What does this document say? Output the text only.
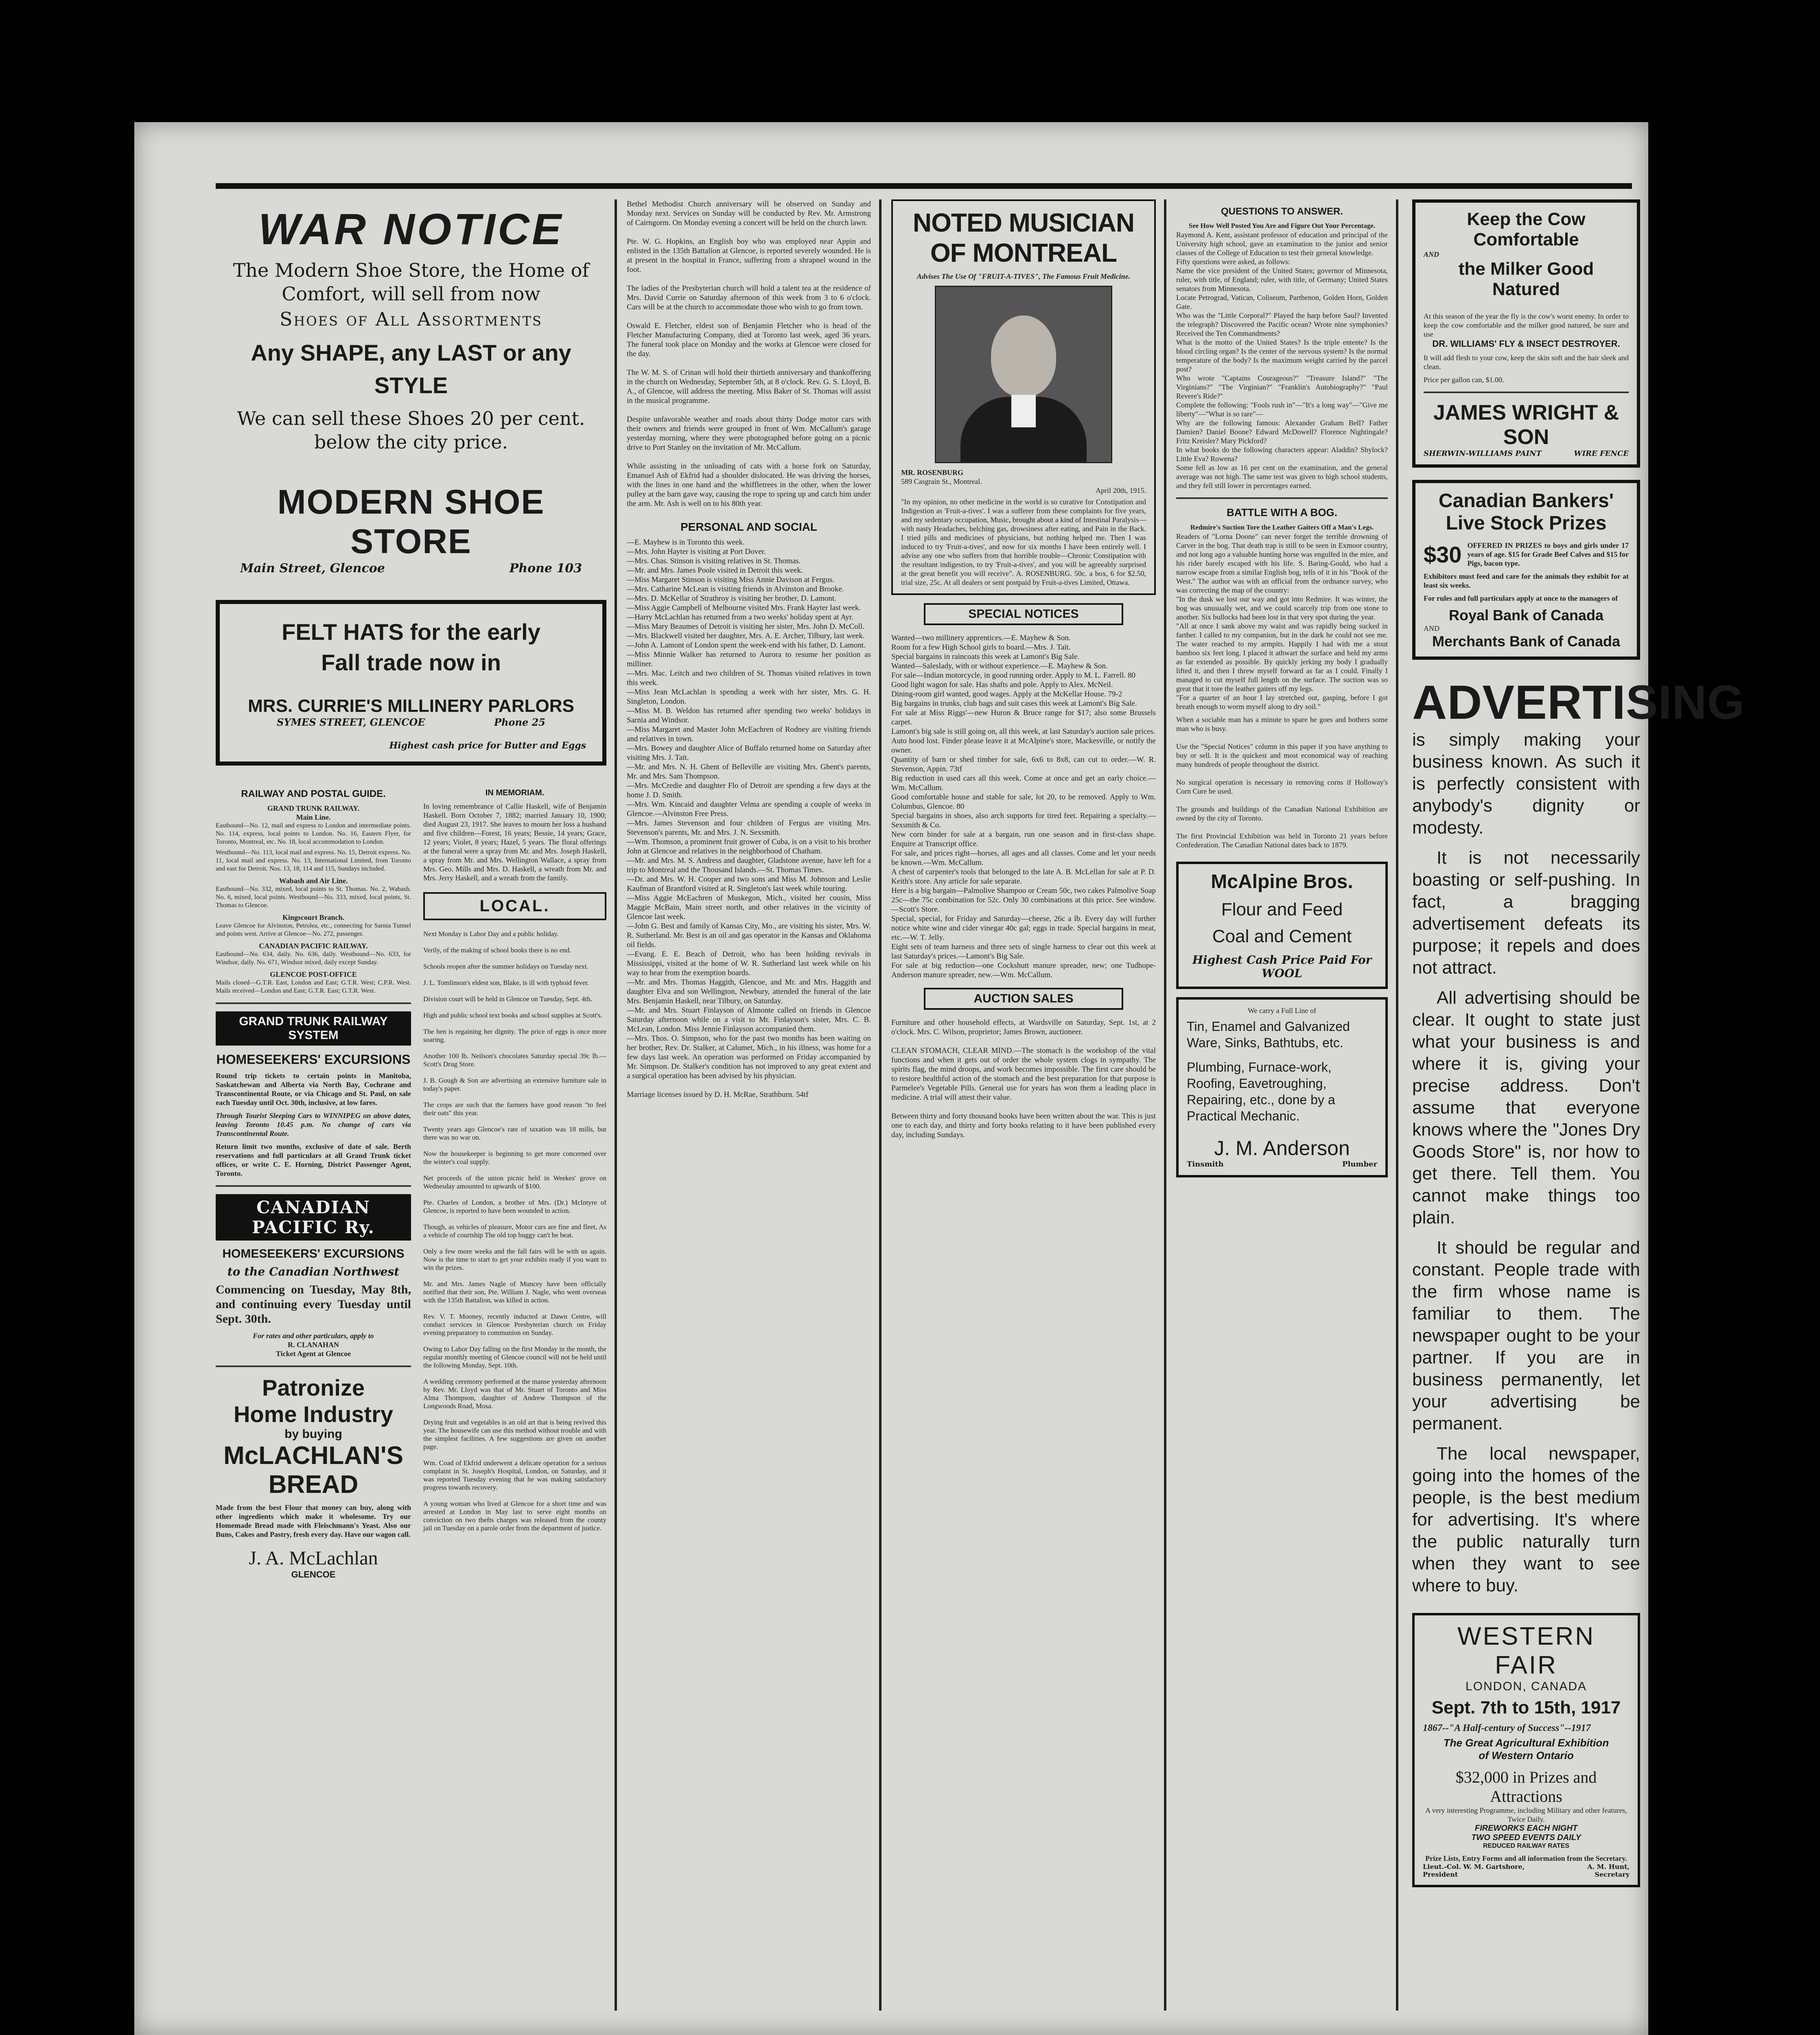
WAR NOTICE
The Modern Shoe Store, the Home of Comfort, will sell from now
Shoes of All Assortments
Any SHAPE, any LAST or any STYLE
We can sell these Shoes 20 per cent. below the city price.
MODERN SHOE STORE
Main Street, Glencoe	Phone 103
FELT HATS for the early
Fall trade now in
MRS. CURRIE'S MILLINERY PARLORS
SYMES STREET, GLENCOE	Phone 25
Highest cash price for Butter and Eggs
RAILWAY AND POSTAL GUIDE.
GRAND TRUNK RAILWAY.
Main Line.
Eastbound—No. 12, mail and express to London and intermediate points. No. 114, express, local points to London. No. 16, Eastern Flyer, for Toronto, Montreal, etc. No. 18, local accommodation to London.
Westbound—No. 113, local mail and express. No. 15, Detroit express. No. 11, local mail and express. No. 13, International Limited, from Toronto and east for Detroit. Nos. 13, 18, 114 and 115, Sundays included.
Wabash and Air Line.
Eastbound—No. 332, mixed, local points to St. Thomas. No. 2, Wabash. No. 6, mixed, local points. Westbound—No. 333, mixed, local points, St. Thomas to Glencoe.
Kingscourt Branch.
Leave Glencoe for Alvinston, Petrolea, etc., connecting for Sarnia Tunnel and points west. Arrive at Glencoe—No. 272, passenger.
CANADIAN PACIFIC RAILWAY.
Eastbound—No. 634, daily. No. 636, daily. Westbound—No. 633, for Windsor, daily. No. 671, Windsor mixed, daily except Sunday.
GLENCOE POST-OFFICE
Mails closed—G.T.R. East, London and East; G.T.R. West; C.P.R. West. Mails received—London and East; G.T.R. East; G.T.R. West.
GRAND TRUNK RAILWAY SYSTEM
HOMESEEKERS' EXCURSIONS
Round trip tickets to certain points in Manitoba, Saskatchewan and Alberta via North Bay, Cochrane and Transcontinental Route, or via Chicago and St. Paul, on sale each Tuesday until Oct. 30th, inclusive, at low fares.
Through Tourist Sleeping Cars to WINNIPEG on above dates, leaving Toronto 10.45 p.m. No change of cars via Transcontinental Route.
Return limit two months, exclusive of date of sale. Berth reservations and full particulars at all Grand Trunk ticket offices, or write C. E. Horning, District Passenger Agent, Toronto.
CANADIAN
PACIFIC Ry.
HOMESEEKERS' EXCURSIONS
to the Canadian Northwest
Commencing on Tuesday, May 8th, and continuing every Tuesday until Sept. 30th.
For rates and other particulars, apply to
R. CLANAHAN
Ticket Agent at Glencoe
Patronize
Home Industry
by buying
McLACHLAN'S
BREAD
Made from the best Flour that money can buy, along with other ingredients which make it wholesome. Try our Homemade Bread made with Fleischmann's Yeast. Also our Buns, Cakes and Pastry, fresh every day. Have our wagon call.
J. A. McLachlan
GLENCOE
IN MEMORIAM.
In loving remembrance of Callie Haskell, wife of Benjamin Haskell. Born October 7, 1882; married January 10, 1900; died August 23, 1917. She leaves to mourn her loss a husband and five children—Forest, 16 years; Bessie, 14 years; Grace, 12 years; Violet, 8 years; Hazel, 5 years. The floral offerings at the funeral were a spray from Mr. and Mrs. Joseph Haskell, a spray from Mr. and Mrs. Wellington Wallace, a spray from Mrs. Geo. Mills and Mrs. D. Haskell, a wreath from Mr. and Mrs. Jerry Haskell, and a wreath from the family.
LOCAL.
Next Monday is Labor Day and a public holiday.

Verily, of the making of school books there is no end.

Schools reopen after the summer holidays on Tuesday next.

J. L. Tomlinson's eldest son, Blake, is ill with typhoid fever.

Division court will be held in Glencoe on Tuesday, Sept. 4th.

High and public school text books and school supplies at Scott's.

The hen is regaining her dignity. The price of eggs is once more soaring.

Another 100 lb. Neilson's chocolates Saturday special 39c lb.—Scott's Drug Store.

J. B. Gough & Son are advertising an extensive furniture sale in today's paper.

The crops are such that the farmers have good reason "to feel their oats" this year.

Twenty years ago Glencoe's rate of taxation was 18 mills, but there was no war on.

Now the housekeeper is beginning to get more concerned over the winter's coal supply.

Net proceeds of the union picnic held in Weekes' grove on Wednesday amounted to upwards of $100.

Pte. Charles of London, a brother of Mrs. (Dr.) McIntyre of Glencoe, is reported to have been wounded in action.

Though, as vehicles of pleasure, Motor cars are fine and fleet, As a vehicle of courtship The old top buggy can't be beat.

Only a few more weeks and the fall fairs will be with us again. Now is the time to start to get your exhibits ready if you want to win the prizes.

Mr. and Mrs. James Nagle of Muncey have been officially notified that their son, Pte. William J. Nagle, who went overseas with the 135th Battalion, was killed in action.

Rev. V. T. Mooney, recently inducted at Dawn Centre, will conduct services in Glencoe Presbyterian church on Friday evening preparatory to communion on Sunday.

Owing to Labor Day falling on the first Monday in the month, the regular monthly meeting of Glencoe council will not be held until the following Monday, Sept. 10th.

A wedding ceremony performed at the manse yesterday afternoon by Rev. Mr. Lloyd was that of Mr. Stuart of Toronto and Miss Alma Thompson, daughter of Andrew Thompson of the Longwoods Road, Mosa.

Drying fruit and vegetables is an old art that is being revived this year. The housewife can use this method without trouble and with the simplest facilities. A few suggestions are given on another page.

Wm. Coad of Ekfrid underwent a delicate operation for a serious complaint in St. Joseph's Hospital, London, on Saturday, and it was reported Tuesday evening that he was making satisfactory progress towards recovery.

A young woman who lived at Glencoe for a short time and was arrested at London in May last to serve eight months on conviction on two thefts charges was released from the county jail on Tuesday on a parole order from the department of justice.
Bethel Methodist Church anniversary will be observed on Sunday and Monday next. Services on Sunday will be conducted by Rev. Mr. Armstrong of Cairngorm. On Monday evening a concert will be held on the church lawn.

Pte. W. G. Hopkins, an English boy who was employed near Appin and enlisted in the 135th Battalion at Glencoe, is reported severely wounded. He is at present in the hospital in France, suffering from a shrapnel wound in the foot.

The ladies of the Presbyterian church will hold a talent tea at the residence of Mrs. David Currie on Saturday afternoon of this week from 3 to 6 o'clock. Cars will be at the church to accommodate those who wish to go from town.

Oswald E. Fletcher, eldest son of Benjamin Fletcher who is head of the Fletcher Manufacturing Company, died at Toronto last week, aged 36 years. The funeral took place on Monday and the works at Glencoe were closed for the day.

The W. M. S. of Crinan will hold their thirtieth anniversary and thankoffering in the church on Wednesday, September 5th, at 8 o'clock. Rev. G. S. Lloyd, B. A., of Glencoe, will address the meeting. Miss Baker of St. Thomas will assist in the musical programme.

Despite unfavorable weather and roads about thirty Dodge motor cars with their owners and friends were grouped in front of Wm. McCallum's garage yesterday morning, where they were photographed before going on a picnic drive to Port Stanley on the invitation of Mr. McCallum.

While assisting in the unloading of cats with a horse fork on Saturday, Emanuel Ash of Ekfrid had a shoulder dislocated. He was driving the horses, with the lines in one hand and the whiffletrees in the other, when the lower pulley at the barn gave way, causing the rope to spring up and catch him under the arm. Mr. Ash is well on to his 80th year.
PERSONAL AND SOCIAL
—E. Mayhew is in Toronto this week.
—Mrs. John Hayter is visiting at Port Dover.
—Mrs. Chas. Stinson is visiting relatives in St. Thomas.
—Mr. and Mrs. James Poole visited in Detroit this week.
—Miss Margaret Stinson is visiting Miss Annie Davison at Fergus.
—Mrs. Catharine McLean is visiting friends in Alvinston and Brooke.
—Mrs. D. McKellar of Strathroy is visiting her brother, D. Lamont.
—Miss Aggie Campbell of Melbourne visited Mrs. Frank Hayter last week.
—Harry McLachlan has returned from a two weeks' holiday spent at Ayr.
—Miss Mary Beaumes of Detroit is visiting her sister, Mrs. John D. McColl.
—Mrs. Blackwell visited her daughter, Mrs. A. E. Archer, Tilbury, last week.
—John A. Lamont of London spent the week-end with his father, D. Lamont.
—Miss Minnie Walker has returned to Aurora to resume her position as milliner.
—Mrs. Mac. Leitch and two children of St. Thomas visited relatives in town this week.
—Miss Jean McLachlan is spending a week with her sister, Mrs. G. H. Singleton, London.
—Miss M. B. Weldon has returned after spending two weeks' holidays in Sarnia and Windsor.
—Miss Margaret and Master John McEachren of Rodney are visiting friends and relatives in town.
—Mrs. Bowey and daughter Alice of Buffalo returned home on Saturday after visiting Mrs. J. Tait.
—Mr. and Mrs. N. H. Ghent of Belleville are visiting Mrs. Ghent's parents, Mr. and Mrs. Sam Thompson.
—Mrs. McCredie and daughter Flo of Detroit are spending a few days at the home J. D. Smith.
—Mrs. Wm. Kincaid and daughter Velma are spending a couple of weeks in Glencoe.—Alvinston Free Press.
—Mrs. James Stevenson and four children of Fergus are visiting Mrs. Stevenson's parents, Mr. and Mrs. J. N. Sexsmith.
—Wm. Thomson, a prominent fruit grower of Cuba, is on a visit to his brother John at Glencoe and relatives in the neighborhood of Chatham.
—Mr. and Mrs. M. S. Andress and daughter, Gladstone avenue, have left for a trip to Montreal and the Thousand Islands.—St. Thomas Times.
—Dr. and Mrs. W. H. Cooper and two sons and Miss M. Johnson and Leslie Kaufman of Brantford visited at R. Singleton's last week while touring.
—Miss Aggie McEachren of Muskegon, Mich., visited her cousin, Miss Maggie McBain, Main street north, and other relatives in the vicinity of Glencoe last week.
—John G. Best and family of Kansas City, Mo., are visiting his sister, Mrs. W. R. Sutherland. Mr. Best is an oil and gas operator in the Kansas and Oklahoma oil fields.
—Evang. E. E. Beach of Detroit, who has been holding revivals in Mississippi, visited at the home of W. R. Sutherland last week while on his way to hear from the exemption boards.
—Mr. and Mrs. Thomas Haggith, Glencoe, and Mr. and Mrs. Haggith and daughter Elva and son Wellington, Newbury, attended the funeral of the late Mrs. Benjamin Haskell, near Tilbury, on Saturday.
—Mr. and Mrs. Stuart Finlayson of Almonte called on friends in Glencoe Saturday afternoon while on a visit to Mr. Finlayson's sister, Mrs. C. B. McLean, London. Miss Jennie Finlayson accompanied them.
—Mrs. Thos. O. Simpson, who for the past two months has been waiting on her brother, Rev. Dr. Stalker, at Calumet, Mich., in his illness, was home for a few days last week. An operation was performed on Friday accompanied by Mr. Simpson. Dr. Stalker's condition has not improved to any great extent and a surgical operation has been advised by his physician.

Marriage licenses issued by D. H. McRae, Strathburn. 54tf
NOTED MUSICIAN
OF MONTREAL
Advises The Use Of "FRUIT-A-TIVES", The Famous Fruit Medicine.
MR. ROSENBURG
589 Casgrain St., Montreal.
April 20th, 1915.
"In my opinion, no other medicine in the world is so curative for Constipation and Indigestion as 'Fruit-a-tives'. I was a sufferer from these complaints for five years, and my sedentary occupation, Music, brought about a kind of Intestinal Paralysis—with nasty Headaches, belching gas, drowsiness after eating, and Pain in the Back. I tried pills and medicines of physicians, but nothing helped me. Then I was induced to try 'Fruit-a-tives', and now for six months I have been entirely well. I advise any one who suffers from that horrible trouble—Chronic Constipation with the resultant indigestion, to try 'Fruit-a-tives', and you will be agreeably surprised at the great benefit you will receive". A. ROSENBURG. 50c. a box, 6 for $2.50, trial size, 25c. At all dealers or sent postpaid by Fruit-a-tives Limited, Ottawa.
SPECIAL NOTICES
Wanted—two millinery apprentices.—E. Mayhew & Son.
Room for a few High School girls to board.—Mrs. J. Tait.
Special bargains in raincoats this week at Lamont's Big Sale.
Wanted—Saleslady, with or without experience.—E. Mayhew & Son.
For sale—Indian motorcycle, in good running order. Apply to M. L. Farrell. 80
Good light wagon for sale. Has shafts and pole. Apply to Alex. McNeil.
Dining-room girl wanted, good wages. Apply at the McKellar House. 79-2
Big bargains in trunks, club bags and suit cases this week at Lamont's Big Sale.
For sale at Miss Riggs'—new Huron & Bruce range for $17; also some Brussels carpet.
Lamont's big sale is still going on, all this week, at last Saturday's auction sale prices.
Auto hood lost. Finder please leave it at McAlpine's store, Mackesville, or notify the owner.
Quantity of barn or shed timber for sale, 6x6 to 8x8, can cut to order.—W. R. Stevenson, Appin. 73tf
Big reduction in used cars all this week. Come at once and get an early choice.—Wm. McCallum.
Good comfortable house and stable for sale, lot 20, to be removed. Apply to Wm. Columbus, Glencoe. 80
Special bargains in shoes, also arch supports for tired feet. Repairing a specialty.—Sexsmith & Co.
New corn binder for sale at a bargain, run one season and in first-class shape. Enquire at Transcript office.
For sale, and prices right—horses, all ages and all classes. Come and let your needs be known.—Wm. McCallum.
A chest of carpenter's tools that belonged to the late A. B. McLellan for sale at P. D. Keith's store. Any article for sale separate.
Here is a big bargain—Palmolive Shampoo or Cream 50c, two cakes Palmolive Soap 25c—the 75c combination for 52c. Only 30 combinations at this price. See window.—Scott's Store.
Special, special, for Friday and Saturday—cheese, 26c a lb. Every day will further notice white wine and cider vinegar 40c gal; eggs in trade. Special bargains in meat, etc.—W. T. Jelly.
Eight sets of team harness and three sets of single harness to clear out this week at last Saturday's prices.—Lamont's Big Sale.
For sale at big reduction—one Cockshutt manure spreader, new; one Tudhope-Anderson manure spreader, new.—Wm. McCallum.
AUCTION SALES
Furniture and other household effects, at Wardsville on Saturday, Sept. 1st, at 2 o'clock. Mrs. C. Wilson, proprietor; James Brown, auctioneer.

CLEAN STOMACH, CLEAR MIND.—The stomach is the workshop of the vital functions and when it gets out of order the whole system clogs in sympathy. The spirits flag, the mind droops, and work becomes impossible. The first care should be to restore healthful action of the stomach and the best preparation for that purpose is Parmelee's Vegetable Pills. General use for years has won them a leading place in medicine. A trial will attest their value.

Between thirty and forty thousand books have been written about the war. This is just one to each day, and thirty and forty books relating to it have been published every day, including Sundays.
QUESTIONS TO ANSWER.
See How Well Posted You Are and Figure Out Your Percentage.
Raymond A. Kent, assistant professor of education and principal of the University high school, gave an examination to the junior and senior classes of the College of Education to test their general knowledge.
Fifty questions were asked, as follows:
Name the vice president of the United States; governor of Minnesota, ruler, with title, of England; ruler, with title, of Germany; United States senators from Minnesota.
Locate Petrograd, Vatican, Coliseum, Parthenon, Golden Horn, Golden Gate.
Who was the "Little Corporal?" Played the harp before Saul? Invented the telegraph? Discovered the Pacific ocean? Wrote nine symphonies? Received the Ten Commandments?
What is the motto of the United States? Is the triple entente? Is the blood circling organ? Is the center of the nervous system? Is the normal temperature of the body? Is the maximum weight carried by the parcel post?
Who wrote "Captains Courageous?" "Treasure Island?" "The Virginians?" "The Virginian?" "Franklin's Autobiography?" "Paul Revere's Ride?"
Complete the following: "Fools rush in"—"It's a long way"—"Give me liberty"—"What is so rare"—
Why are the following famous: Alexander Graham Bell? Father Damien? Daniel Boone? Edward McDowell? Florence Nightingale? Fritz Kreisler? Mary Pickford?
In what books do the following characters appear: Aladdin? Shylock? Little Eva? Rowena?
Some fell as low as 16 per cent on the examination, and the general average was not high. The same test was given to high school students, and they fell still lower in percentages earned.
BATTLE WITH A BOG.
Redmire's Suction Tore the Leather Gaiters Off a Man's Legs.
Readers of "Lorna Doone" can never forget the terrible drowning of Carver in the bog. That death trap is still to be seen in Exmoor country, and not long ago a valuable hunting horse was engulfed in the mire, and his rider barely escaped with his life. S. Baring-Gould, who had a narrow escape from a similar English bog, tells of it in his "Book of the West." The author was with an official from the ordnance survey, who was correcting the map of the country:
"In the dusk we lost our way and got into Redmire. It was winter, the bog was unusually wet, and we could scarcely trip from one stone to another. Six bullocks had been lost in that very spot during the year.
"All at once I sank above my waist and was rapidly being sucked in farther. I called to my companion, but in the dark he could not see me. The water reached to my armpits. Happily I had with me a stout bamboo six feet long. I placed it athwart the surface and held my arms as far extended as possible. By quickly jerking my body I gradually lifted it, and then I threw myself forward as far as I could. Finally I managed to cut myself full length on the surface. The suction was so great that it tore the leather gaiters off my legs.
"For a quarter of an hour I lay stretched out, gasping, before I got breath enough to worm myself along to dry soil."
When a sociable man has a minute to spare he goes and bothers some man who is busy.

Use the "Special Notices" column in this paper if you have anything to buy or sell. It is the quickest and most economical way of reaching many hundreds of people throughout the district.

No surgical operation is necessary in removing corns if Holloway's Corn Cure be used.

The grounds and buildings of the Canadian National Exhibition are owned by the city of Toronto.

The first Provincial Exhibition was held in Toronto 21 years before Confederation. The Canadian National dates back to 1879.
McAlpine Bros.
Flour and Feed
Coal and Cement
Highest Cash Price Paid For WOOL
We carry a Full Line of
Tin, Enamel and Galvanized Ware, Sinks, Bathtubs, etc.
Plumbing, Furnace-work, Roofing, Eavetroughing, Repairing, etc., done by a Practical Mechanic.
J. M. Anderson
Tinsmith	Plumber
Keep the Cow Comfortable
AND
the Milker Good Natured
At this season of the year the fly is the cow's worst enemy. In order to keep the cow comfortable and the milker good natured, be sure and use
DR. WILLIAMS' FLY & INSECT DESTROYER.
It will add flesh to your cow, keep the skin soft and the hair sleek and clean.
Price per gallon can, $1.00.
JAMES WRIGHT & SON
SHERWIN-WILLIAMS PAINT	WIRE FENCE
Canadian Bankers'
Live Stock Prizes
$30 OFFERED IN PRIZES to boys and girls under 17 years of age. $15 for Grade Beef Calves and $15 for Pigs, bacon type.
Exhibitors must feed and care for the animals they exhibit for at least six weeks.
For rules and full particulars apply at once to the managers of
Royal Bank of Canada
AND
Merchants Bank of Canada
ADVERTISING
is simply making your business known. As such it is perfectly consistent with anybody's dignity or modesty.
It is not necessarily boasting or self-pushing. In fact, a bragging advertisement defeats its purpose; it repels and does not attract.
All advertising should be clear. It ought to state just what your business is and where it is, giving your precise address. Don't assume that everyone knows where the "Jones Dry Goods Store" is, nor how to get there. Tell them. You cannot make things too plain.
It should be regular and constant. People trade with the firm whose name is familiar to them. The newspaper ought to be your partner. If you are in business permanently, let your advertising be permanent.
The local newspaper, going into the homes of the people, is the best medium for advertising. It's where the public naturally turn when they want to see where to buy.
WESTERN FAIR
LONDON, CANADA
Sept. 7th to 15th, 1917
1867--"A Half-century of Success"--1917
The Great Agricultural Exhibition
of Western Ontario
$32,000 in Prizes and Attractions
A very interesting Programme, including Military and other features, Twice Daily.
FIREWORKS EACH NIGHT
TWO SPEED EVENTS DAILY
REDUCED RAILWAY RATES
Prize Lists, Entry Forms and all information from the Secretary.
Lieut.-Col. W. M. Gartshore,	A. M. Hunt,
President	Secretary
